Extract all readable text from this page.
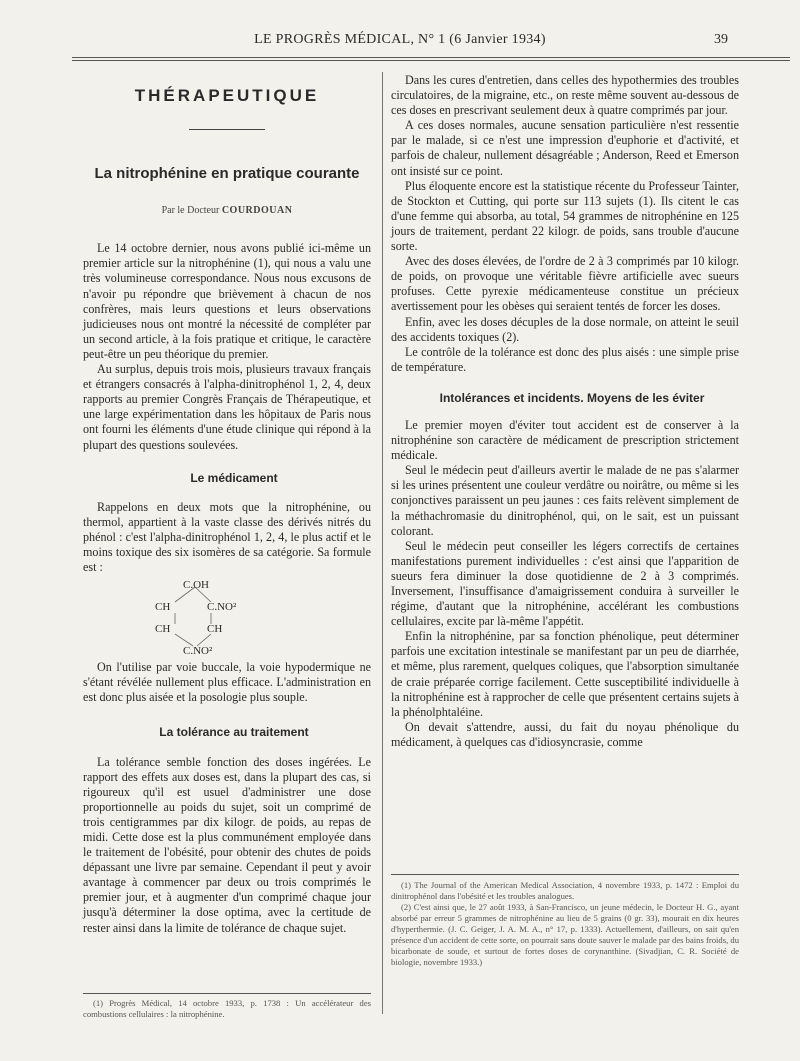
LE PROGRÈS MÉDICAL, N° 1 (6 Janvier 1934)	39
THÉRAPEUTIQUE
La nitrophénine en pratique courante
Par le Docteur COURDOUAN

Le 14 octobre dernier, nous avons publié ici-même un premier article sur la nitrophénine (1), qui nous a valu une très volumineuse correspondance. Nous nous excusons de n'avoir pu répondre que brièvement à chacun de nos confrères, mais leurs questions et leurs observations judicieuses nous ont montré la nécessité de compléter par un second article, à la fois pratique et critique, le caractère peut-être un peu théorique du premier.

Au surplus, depuis trois mois, plusieurs travaux français et étrangers consacrés à l'alpha-dinitrophénol 1, 2, 4, deux rapports au premier Congrès Français de Thérapeutique, et une large expérimentation dans les hôpitaux de Paris nous ont fourni les éléments d'une étude clinique qui répond à la plupart des questions soulevées.

Le médicament

Rappelons en deux mots que la nitrophénine, ou thermol, appartient à la vaste classe des dérivés nitrés du phénol : c'est l'alpha-dinitrophénol 1, 2, 4, le plus actif et le moins toxique des six isomères de sa catégorie. Sa formule est :

C.OH
CH	C.NO²
CH	CH
C.NO²

On l'utilise par voie buccale, la voie hypodermique ne s'étant révélée nullement plus efficace. L'administration en est donc plus aisée et la posologie plus souple.

La tolérance au traitement

La tolérance semble fonction des doses ingérées. Le rapport des effets aux doses est, dans la plupart des cas, si rigoureux qu'il est usuel d'administrer une dose proportionnelle au poids du sujet, soit un comprimé de trois centigrammes par dix kilogr. de poids, au repas de midi. Cette dose est la plus communément employée dans le traitement de l'obésité, pour obtenir des chutes de poids dépassant une livre par semaine. Cependant il peut y avoir avantage à commencer par deux ou trois comprimés le premier jour, et à augmenter d'un comprimé chaque jour jusqu'à déterminer la dose optima, avec la certitude de rester ainsi dans la limite de tolérance de chaque sujet.

(1) Progrès Médical, 14 octobre 1933, p. 1738 : Un accélérateur des combustions cellulaires : la nitrophénine.

Dans les cures d'entretien, dans celles des hypothermies des troubles circulatoires, de la migraine, etc., on reste même souvent au-dessous de ces doses en prescrivant seulement deux à quatre comprimés par jour.

A ces doses normales, aucune sensation particulière n'est ressentie par le malade, si ce n'est une impression d'euphorie et d'activité, et parfois de chaleur, nullement désagréable ; Anderson, Reed et Emerson ont insisté sur ce point.

Plus éloquente encore est la statistique récente du Professeur Tainter, de Stockton et Cutting, qui porte sur 113 sujets (1). Ils citent le cas d'une femme qui absorba, au total, 54 grammes de nitrophénine en 125 jours de traitement, perdant 22 kilogr. de poids, sans trouble d'aucune sorte.

Avec des doses élevées, de l'ordre de 2 à 3 comprimés par 10 kilogr. de poids, on provoque une véritable fièvre artificielle avec sueurs profuses. Cette pyrexie médicamenteuse constitue un précieux avertissement pour les obèses qui seraient tentés de forcer les doses.

Enfin, avec les doses décuples de la dose normale, on atteint le seuil des accidents toxiques (2).

Le contrôle de la tolérance est donc des plus aisés : une simple prise de température.

Intolérances et incidents. Moyens de les éviter

Le premier moyen d'éviter tout accident est de conserver à la nitrophénine son caractère de médicament de prescription strictement médicale.

Seul le médecin peut d'ailleurs avertir le malade de ne pas s'alarmer si les urines présentent une couleur verdâtre ou noirâtre, ou même si les conjonctives paraissent un peu jaunes : ces faits relèvent simplement de la méthachromasie du dinitrophénol, qui, on le sait, est un puissant colorant.

Seul le médecin peut conseiller les légers correctifs de certaines manifestations purement individuelles : c'est ainsi que l'apparition de sueurs fera diminuer la dose quotidienne de 2 à 3 comprimés. Inversement, l'insuffisance d'amaigrissement conduira à surveiller le régime, d'autant que la nitrophénine, accélérant les combustions cellulaires, excite par là-même l'appétit.

Enfin la nitrophénine, par sa fonction phénolique, peut déterminer parfois une excitation intestinale se manifestant par un peu de diarrhée, et même, plus rarement, quelques coliques, que l'absorption simultanée de craie préparée corrige facilement. Cette susceptibilité individuelle à la nitrophénine est à rapprocher de celle que présentent certains sujets à la phénolphtaléine.

On devait s'attendre, aussi, du fait du noyau phénolique du médicament, à quelques cas d'idiosyncrasie, comme

(1) The Journal of the American Medical Association, 4 novembre 1933, p. 1472 : Emploi du dinitrophénol dans l'obésité et les troubles analogues.

(2) C'est ainsi que, le 27 août 1933, à San-Francisco, un jeune médecin, le Docteur H. G., ayant absorbé par erreur 5 grammes de nitrophénine au lieu de 5 grains (0 gr. 33), mourait en dix heures d'hyperthermie. (J. C. Geiger, J. A. M. A., n° 17, p. 1333). Actuellement, d'ailleurs, on sait qu'en présence d'un accident de cette sorte, on pourrait sans doute sauver le malade par des bains froids, du bicarbonate de soude, et surtout de fortes doses de corynanthine. (Sivadjian, C. R. Société de biologie, novembre 1933.)
